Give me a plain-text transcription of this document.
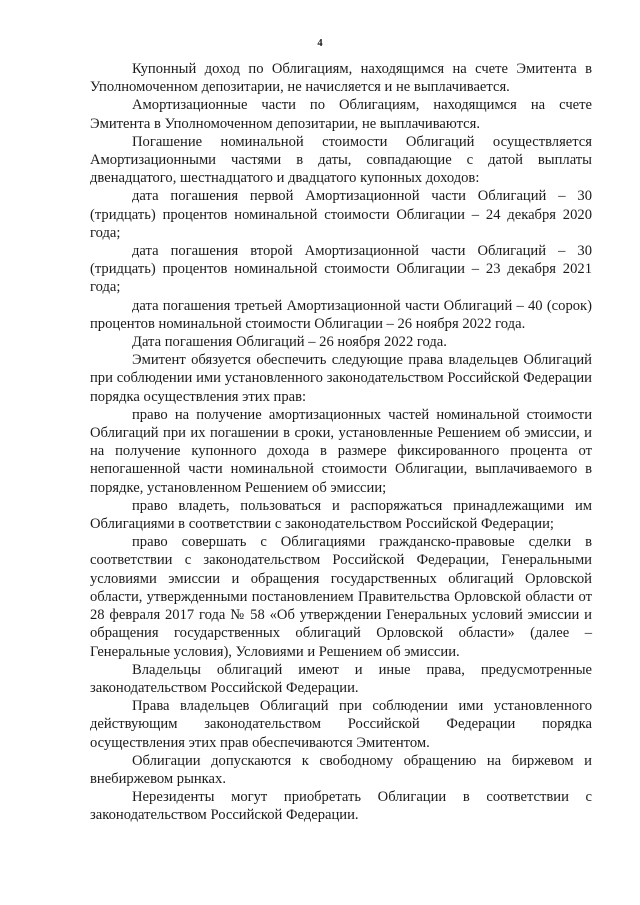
4

Купонный доход по Облигациям, находящимся на счете Эмитента в Уполномоченном депозитарии, не начисляется и не выплачивается.

Амортизационные части по Облигациям, находящимся на счете Эмитента в Уполномоченном депозитарии, не выплачиваются.

Погашение номинальной стоимости Облигаций осуществляется Амортизационными частями в даты, совпадающие с датой выплаты двенадцатого, шестнадцатого и двадцатого купонных доходов:

дата погашения первой Амортизационной части Облигаций – 30 (тридцать) процентов номинальной стоимости Облигации – 24 декабря 2020 года;

дата погашения второй Амортизационной части Облигаций – 30 (тридцать) процентов номинальной стоимости Облигации – 23 декабря 2021 года;

дата погашения третьей Амортизационной части Облигаций – 40 (сорок) процентов номинальной стоимости Облигации – 26 ноября 2022 года.

Дата погашения Облигаций – 26 ноября 2022 года.

Эмитент обязуется обеспечить следующие права владельцев Облигаций при соблюдении ими установленного законодательством Российской Федерации порядка осуществления этих прав:

право на получение амортизационных частей номинальной стоимости Облигаций при их погашении в сроки, установленные Решением об эмиссии, и на получение купонного дохода в размере фиксированного процента от непогашенной части номинальной стоимости Облигации, выплачиваемого в порядке, установленном Решением об эмиссии;

право владеть, пользоваться и распоряжаться принадлежащими им Облигациями в соответствии с законодательством Российской Федерации;

право совершать с Облигациями гражданско-правовые сделки в соответствии с законодательством Российской Федерации, Генеральными условиями эмиссии и обращения государственных облигаций Орловской области, утвержденными постановлением Правительства Орловской области от 28 февраля 2017 года № 58 «Об утверждении Генеральных условий эмиссии и обращения государственных облигаций Орловской области» (далее – Генеральные условия), Условиями и Решением об эмиссии.

Владельцы облигаций имеют и иные права, предусмотренные законодательством Российской Федерации.

Права владельцев Облигаций при соблюдении ими установленного действующим законодательством Российской Федерации порядка осуществления этих прав обеспечиваются Эмитентом.

Облигации допускаются к свободному обращению на биржевом и внебиржевом рынках.

Нерезиденты могут приобретать Облигации в соответствии с законодательством Российской Федерации.
